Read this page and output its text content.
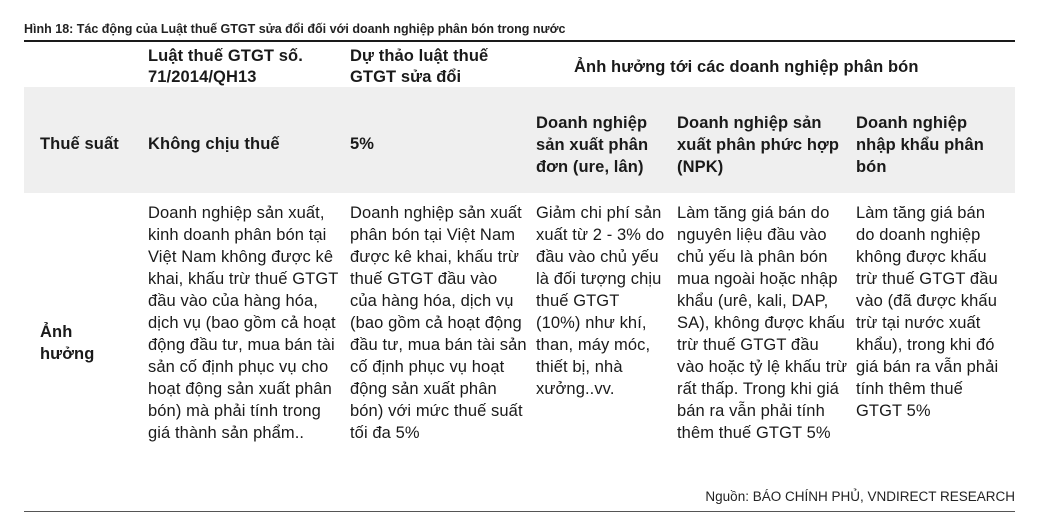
Hình 18: Tác động của Luật thuế GTGT sửa đổi đối với doanh nghiệp phân bón trong nước
Luật thuế GTGT số. 71/2014/QH13
Dự thảo luật thuế GTGT sửa đổi
Ảnh hưởng tới các doanh nghiệp phân bón
Thuế suất Không chịu thuế	5%
Doanh nghiệp sản xuất phân đơn (ure, lân)
Doanh nghiệp sản xuất phân phức hợp (NPK)
Doanh nghiệp nhập khẩu phân bón
Ảnh hưởng
Doanh nghiệp sản xuất, kinh doanh phân bón tại Việt Nam không được kê khai, khấu trừ thuế GTGT đầu vào của hàng hóa, dịch vụ (bao gồm cả hoạt động đầu tư, mua bán tài sản cố định phục vụ cho hoạt động sản xuất phân bón) mà phải tính trong giá thành sản phẩm..
Doanh nghiệp sản xuất phân bón tại Việt Nam được kê khai, khấu trừ thuế GTGT đầu vào của hàng hóa, dịch vụ (bao gồm cả hoạt động đầu tư, mua bán tài sản cố định phục vụ hoạt động sản xuất phân bón) với mức thuế suất tối đa 5%
Giảm chi phí sản xuất từ 2 - 3% do đầu vào chủ yếu là đối tượng chịu thuế GTGT (10%) như khí, than, máy móc, thiết bị, nhà xưởng..vv.
Làm tăng giá bán do nguyên liệu đầu vào chủ yếu là phân bón mua ngoài hoặc nhập khẩu (urê, kali, DAP, SA), không được khấu trừ thuế GTGT đầu vào hoặc tỷ lệ khấu trừ rất thấp. Trong khi giá bán ra vẫn phải tính thêm thuế GTGT 5%
Làm tăng giá bán do doanh nghiệp không được khấu trừ thuế GTGT đầu vào (đã được khấu trừ tại nước xuất khẩu), trong khi đó giá bán ra vẫn phải tính thêm thuế GTGT 5%
Nguồn: BÁO CHÍNH PHỦ, VNDIRECT RESEARCH
